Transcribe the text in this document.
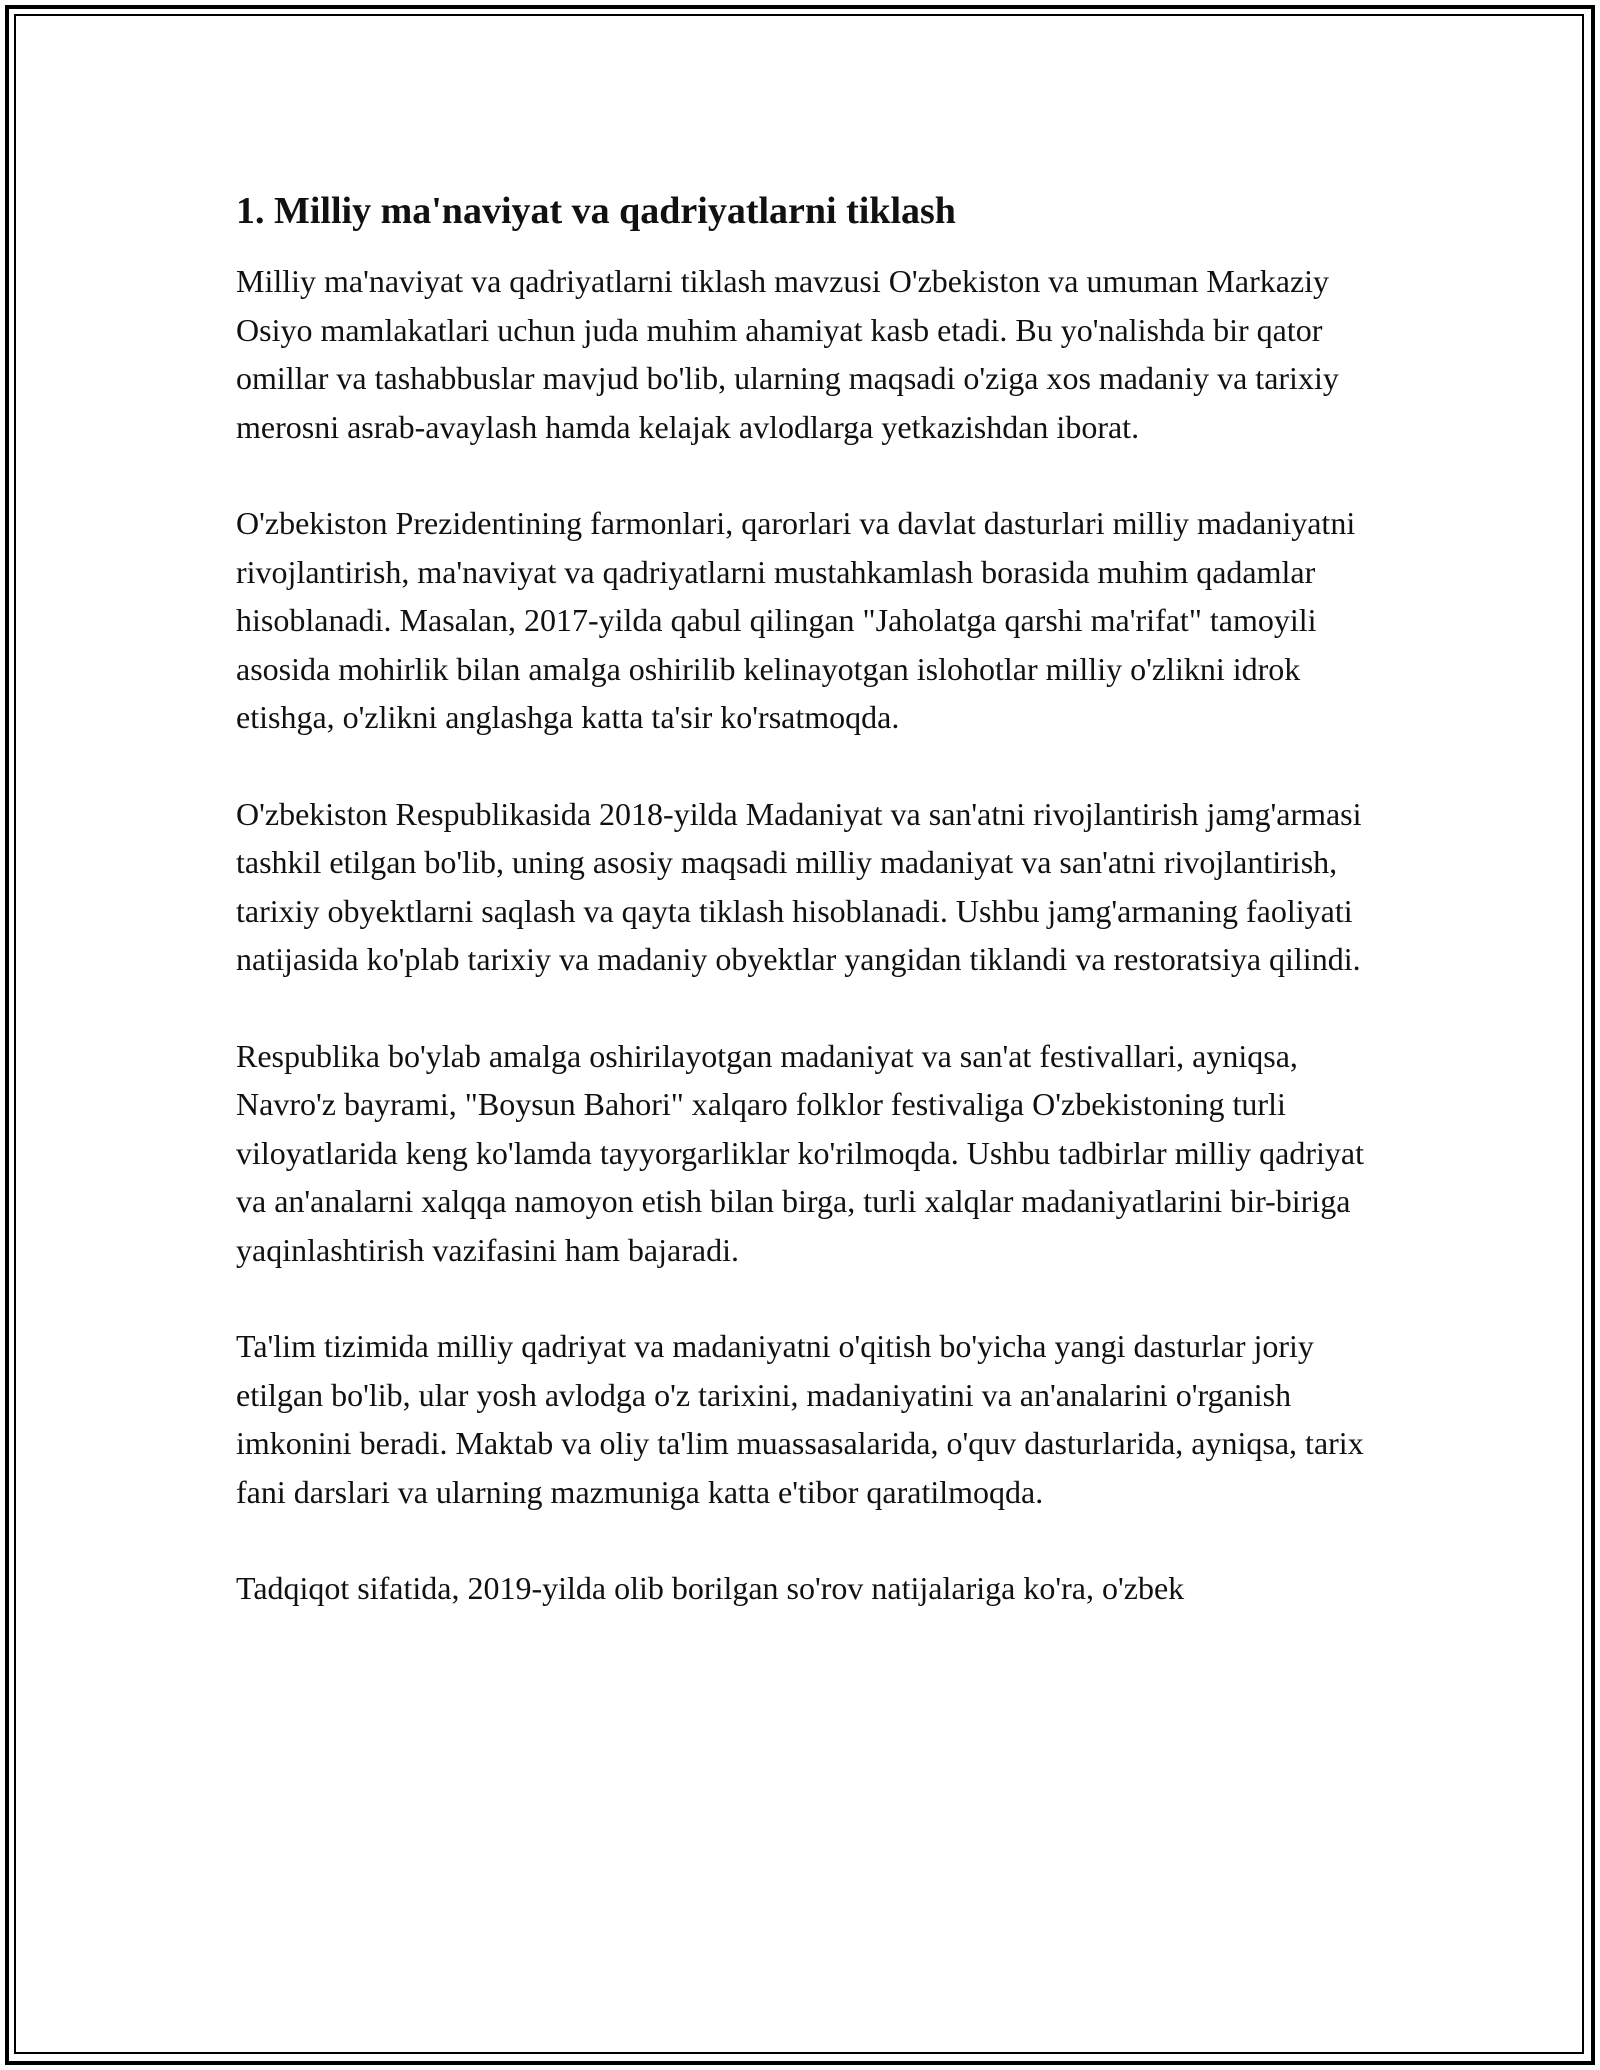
1. Milliy ma'naviyat va qadriyatlarni tiklash

Milliy ma'naviyat va qadriyatlarni tiklash mavzusi O'zbekiston va umuman Markaziy Osiyo mamlakatlari uchun juda muhim ahamiyat kasb etadi. Bu yo'nalishda bir qator omillar va tashabbuslar mavjud bo'lib, ularning maqsadi o'ziga xos madaniy va tarixiy merosni asrab-avaylash hamda kelajak avlodlarga yetkazishdan iborat.

O'zbekiston Prezidentining farmonlari, qarorlari va davlat dasturlari milliy madaniyatni rivojlantirish, ma'naviyat va qadriyatlarni mustahkamlash borasida muhim qadamlar hisoblanadi. Masalan, 2017-yilda qabul qilingan "Jaholatga qarshi ma'rifat" tamoyili asosida mohirlik bilan amalga oshirilib kelinayotgan islohotlar milliy o'zlikni idrok etishga, o'zlikni anglashga katta ta'sir ko'rsatmoqda.

O'zbekiston Respublikasida 2018-yilda Madaniyat va san'atni rivojlantirish jamg'armasi tashkil etilgan bo'lib, uning asosiy maqsadi milliy madaniyat va san'atni rivojlantirish, tarixiy obyektlarni saqlash va qayta tiklash hisoblanadi. Ushbu jamg'armaning faoliyati natijasida ko'plab tarixiy va madaniy obyektlar yangidan tiklandi va restoratsiya qilindi.

Respublika bo'ylab amalga oshirilayotgan madaniyat va san'at festivallari, ayniqsa, Navro'z bayrami, "Boysun Bahori" xalqaro folklor festivaliga O'zbekistoning turli viloyatlarida keng ko'lamda tayyorgarliklar ko'rilmoqda. Ushbu tadbirlar milliy qadriyat va an'analarni xalqqa namoyon etish bilan birga, turli xalqlar madaniyatlarini bir-biriga yaqinlashtirish vazifasini ham bajaradi.

Ta'lim tizimida milliy qadriyat va madaniyatni o'qitish bo'yicha yangi dasturlar joriy etilgan bo'lib, ular yosh avlodga o'z tarixini, madaniyatini va an'analarini o'rganish imkonini beradi. Maktab va oliy ta'lim muassasalarida, o'quv dasturlarida, ayniqsa, tarix fani darslari va ularning mazmuniga katta e'tibor qaratilmoqda.

Tadqiqot sifatida, 2019-yilda olib borilgan so'rov natijalariga ko'ra, o'zbek
